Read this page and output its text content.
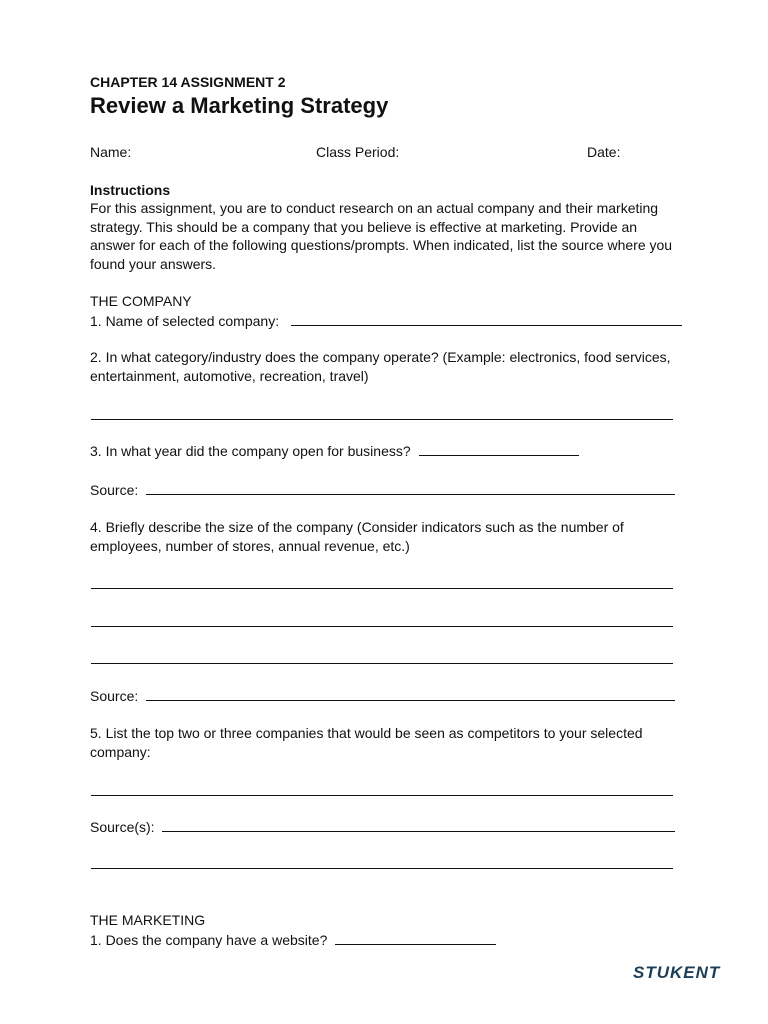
CHAPTER 14 ASSIGNMENT 2
Review a Marketing Strategy
Name:	Class Period:	Date:
Instructions
For this assignment, you are to conduct research on an actual company and their marketing strategy. This should be a company that you believe is effective at marketing. Provide an answer for each of the following questions/prompts. When indicated, list the source where you found your answers.
THE COMPANY
1. Name of selected company:
2. In what category/industry does the company operate? (Example: electronics, food services, entertainment, automotive, recreation, travel)
3. In what year did the company open for business?
Source:
4. Briefly describe the size of the company (Consider indicators such as the number of employees, number of stores, annual revenue, etc.)
Source:
5. List the top two or three companies that would be seen as competitors to your selected company:
Source(s):
THE MARKETING
1. Does the company have a website?
STUKENT
